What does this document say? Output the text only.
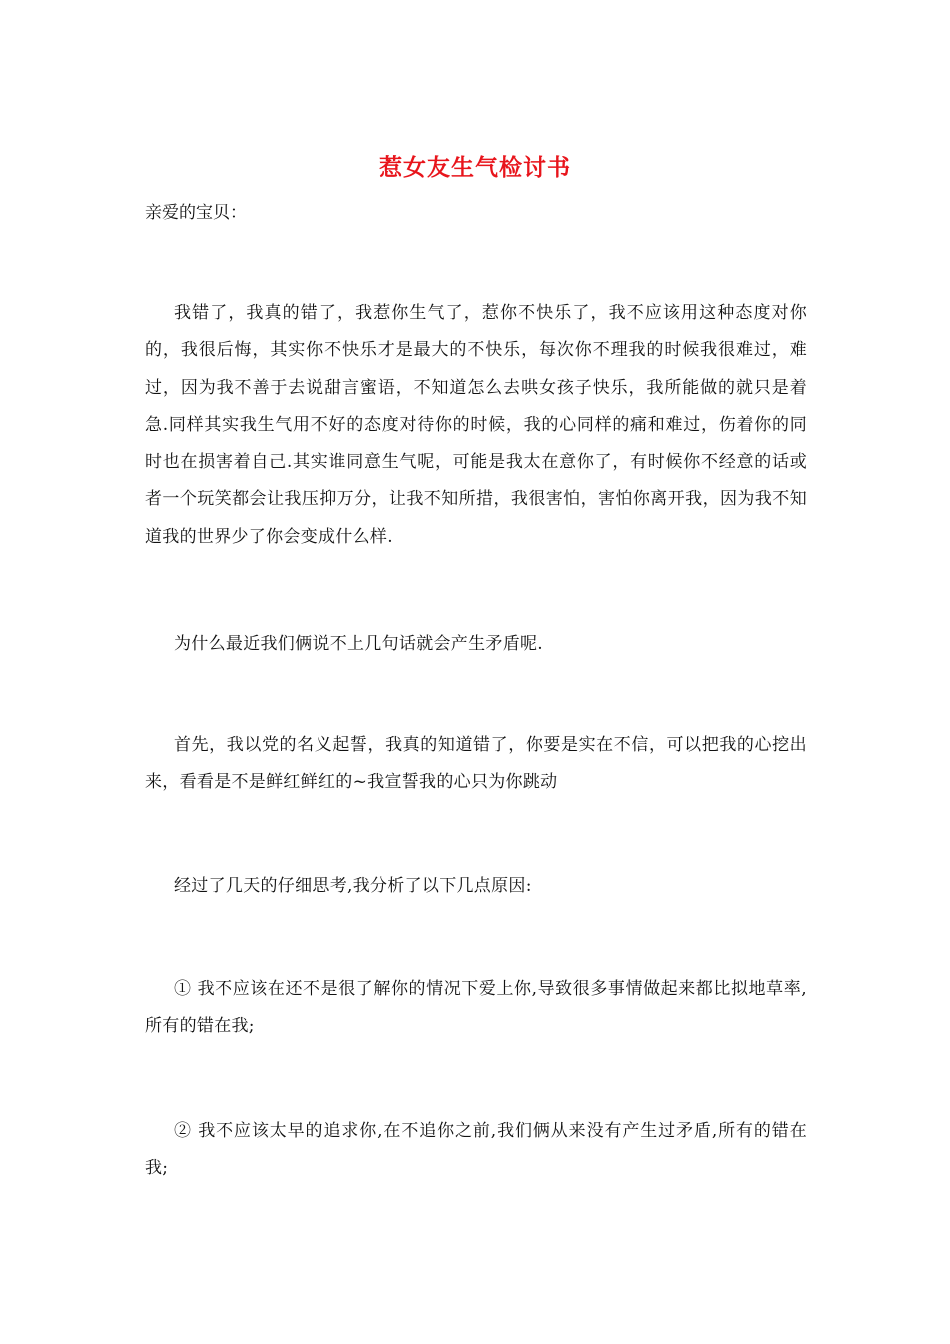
惹女友生气检讨书
亲爱的宝贝：

我错了，我真的错了，我惹你生气了，惹你不快乐了，我不应该用这种态度对你的，我很后悔，其实你不快乐才是最大的不快乐，每次你不理我的时候我很难过，难过，因为我不善于去说甜言蜜语，不知道怎么去哄女孩子快乐，我所能做的就只是着急.同样其实我生气用不好的态度对待你的时候，我的心同样的痛和难过，伤着你的同时也在损害着自己.其实谁同意生气呢，可能是我太在意你了，有时候你不经意的话或者一个玩笑都会让我压抑万分，让我不知所措，我很害怕，害怕你离开我，因为我不知道我的世界少了你会变成什么样.

为什么最近我们俩说不上几句话就会产生矛盾呢.

首先，我以党的名义起誓，我真的知道错了，你要是实在不信，可以把我的心挖出来，看看是不是鲜红鲜红的~我宣誓我的心只为你跳动

经过了几天的仔细思考,我分析了以下几点原因:

① 我不应该在还不是很了解你的情况下爱上你,导致很多事情做起来都比拟地草率,所有的错在我;

② 我不应该太早的追求你,在不追你之前,我们俩从来没有产生过矛盾,所有的错在我;
